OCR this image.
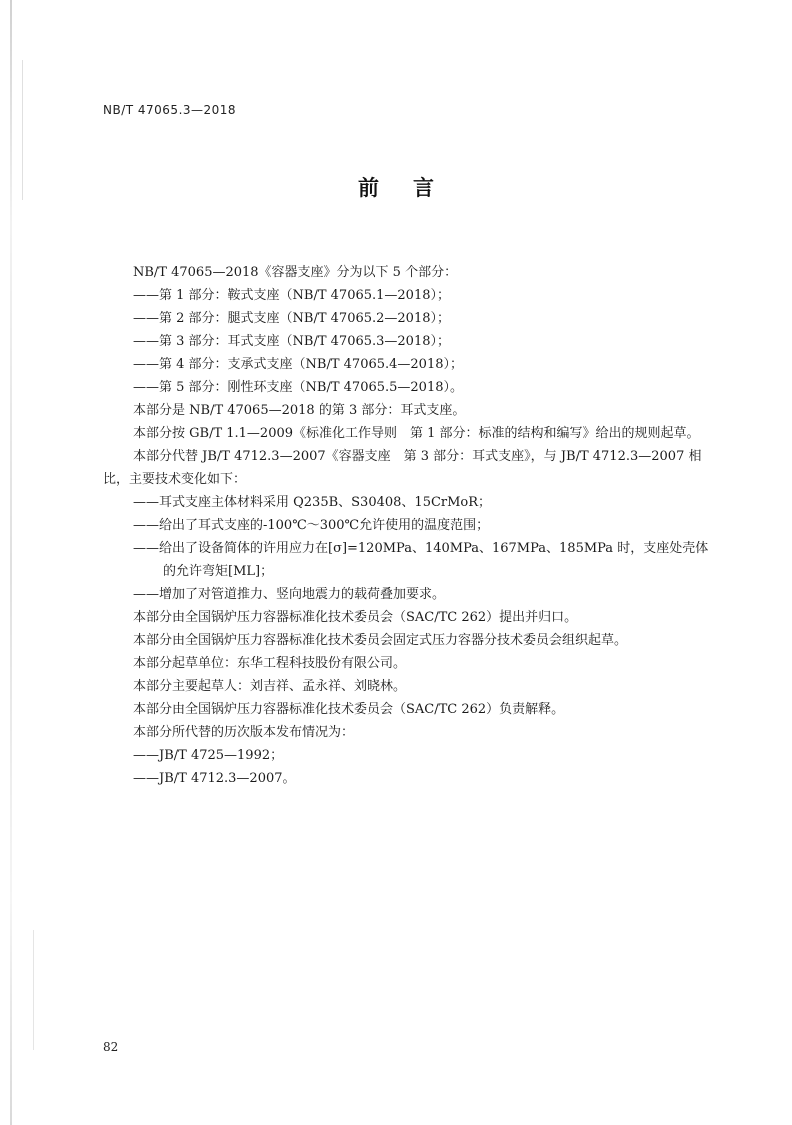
NB/T 47065.3—2018
前言
NB/T 47065—2018《容器支座》分为以下 5 个部分：
——第 1 部分：鞍式支座（NB/T 47065.1—2018）；
——第 2 部分：腿式支座（NB/T 47065.2—2018）；
——第 3 部分：耳式支座（NB/T 47065.3—2018）；
——第 4 部分：支承式支座（NB/T 47065.4—2018）；
——第 5 部分：刚性环支座（NB/T 47065.5—2018）。
本部分是 NB/T 47065—2018 的第 3 部分：耳式支座。
本部分按 GB/T 1.1—2009《标准化工作导则　第 1 部分：标准的结构和编写》给出的规则起草。
本部分代替 JB/T 4712.3—2007《容器支座　第 3 部分：耳式支座》，与 JB/T 4712.3—2007 相
比，主要技术变化如下：
——耳式支座主体材料采用 Q235B、S30408、15CrMoR；
——给出了耳式支座的-100℃～300℃允许使用的温度范围；
——给出了设备简体的许用应力在[σ]=120MPa、140MPa、167MPa、185MPa 时，支座处壳体
的允许弯矩[ML]；
——增加了对管道推力、竖向地震力的载荷叠加要求。
本部分由全国锅炉压力容器标准化技术委员会（SAC/TC 262）提出并归口。
本部分由全国锅炉压力容器标准化技术委员会固定式压力容器分技术委员会组织起草。
本部分起草单位：东华工程科技股份有限公司。
本部分主要起草人：刘吉祥、孟永祥、刘晓林。
本部分由全国锅炉压力容器标准化技术委员会（SAC/TC 262）负责解释。
本部分所代替的历次版本发布情况为：
——JB/T 4725—1992；
——JB/T 4712.3—2007。
82
